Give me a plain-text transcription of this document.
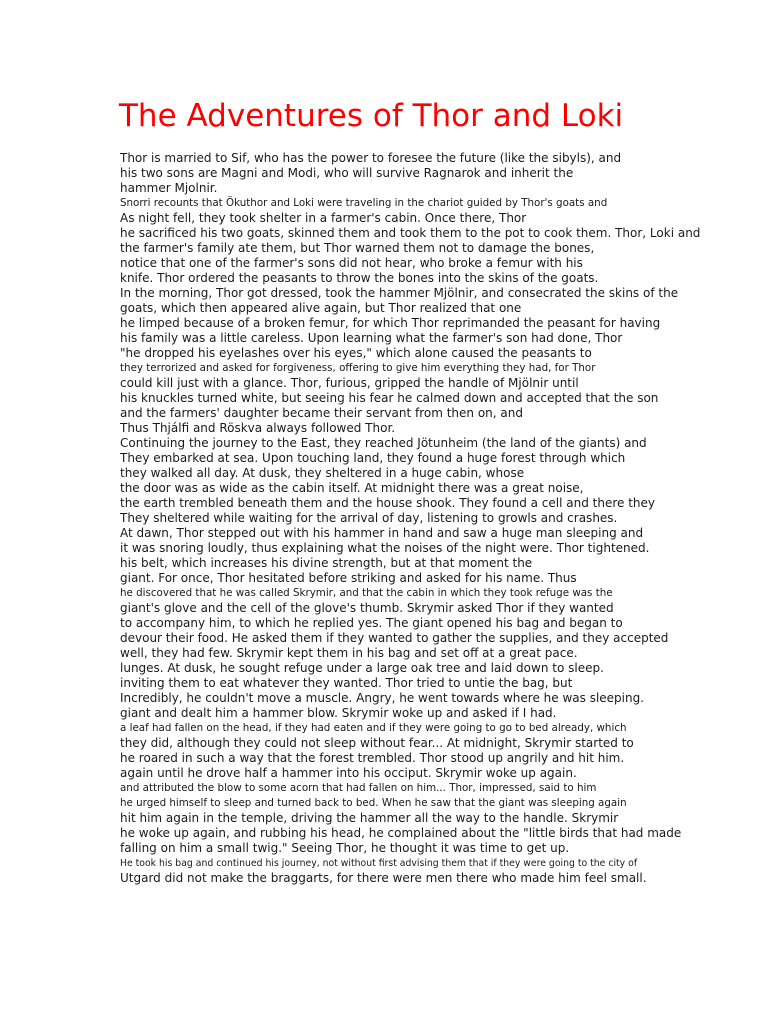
The Adventures of Thor and Loki
Thor is married to Sif, who has the power to foresee the future (like the sibyls), and
his two sons are Magni and Modi, who will survive Ragnarok and inherit the
hammer Mjolnir.
Snorri recounts that Ökuthor and Loki were traveling in the chariot guided by Thor's goats and
As night fell, they took shelter in a farmer's cabin. Once there, Thor
he sacrificed his two goats, skinned them and took them to the pot to cook them. Thor, Loki and
the farmer's family ate them, but Thor warned them not to damage the bones,
notice that one of the farmer's sons did not hear, who broke a femur with his
knife. Thor ordered the peasants to throw the bones into the skins of the goats.
In the morning, Thor got dressed, took the hammer Mjölnir, and consecrated the skins of the
goats, which then appeared alive again, but Thor realized that one
he limped because of a broken femur, for which Thor reprimanded the peasant for having
his family was a little careless. Upon learning what the farmer's son had done, Thor
"he dropped his eyelashes over his eyes," which alone caused the peasants to
they terrorized and asked for forgiveness, offering to give him everything they had, for Thor
could kill just with a glance. Thor, furious, gripped the handle of Mjölnir until
his knuckles turned white, but seeing his fear he calmed down and accepted that the son
and the farmers' daughter became their servant from then on, and
Thus Thjálfi and Röskva always followed Thor.
Continuing the journey to the East, they reached Jötunheim (the land of the giants) and
They embarked at sea. Upon touching land, they found a huge forest through which
they walked all day. At dusk, they sheltered in a huge cabin, whose
the door was as wide as the cabin itself. At midnight there was a great noise,
the earth trembled beneath them and the house shook. They found a cell and there they
They sheltered while waiting for the arrival of day, listening to growls and crashes.
At dawn, Thor stepped out with his hammer in hand and saw a huge man sleeping and
it was snoring loudly, thus explaining what the noises of the night were. Thor tightened.
his belt, which increases his divine strength, but at that moment the
giant. For once, Thor hesitated before striking and asked for his name. Thus
he discovered that he was called Skrymir, and that the cabin in which they took refuge was the
giant's glove and the cell of the glove's thumb. Skrymir asked Thor if they wanted
to accompany him, to which he replied yes. The giant opened his bag and began to
devour their food. He asked them if they wanted to gather the supplies, and they accepted
well, they had few. Skrymir kept them in his bag and set off at a great pace.
lunges. At dusk, he sought refuge under a large oak tree and laid down to sleep.
inviting them to eat whatever they wanted. Thor tried to untie the bag, but
Incredibly, he couldn't move a muscle. Angry, he went towards where he was sleeping.
giant and dealt him a hammer blow. Skrymir woke up and asked if I had.
a leaf had fallen on the head, if they had eaten and if they were going to go to bed already, which
they did, although they could not sleep without fear... At midnight, Skrymir started to
he roared in such a way that the forest trembled. Thor stood up angrily and hit him.
again until he drove half a hammer into his occiput. Skrymir woke up again.
and attributed the blow to some acorn that had fallen on him... Thor, impressed, said to him
he urged himself to sleep and turned back to bed. When he saw that the giant was sleeping again
hit him again in the temple, driving the hammer all the way to the handle. Skrymir
he woke up again, and rubbing his head, he complained about the "little birds that had made
falling on him a small twig." Seeing Thor, he thought it was time to get up.
He took his bag and continued his journey, not without first advising them that if they were going to the city of
Utgard did not make the braggarts, for there were men there who made him feel small.
